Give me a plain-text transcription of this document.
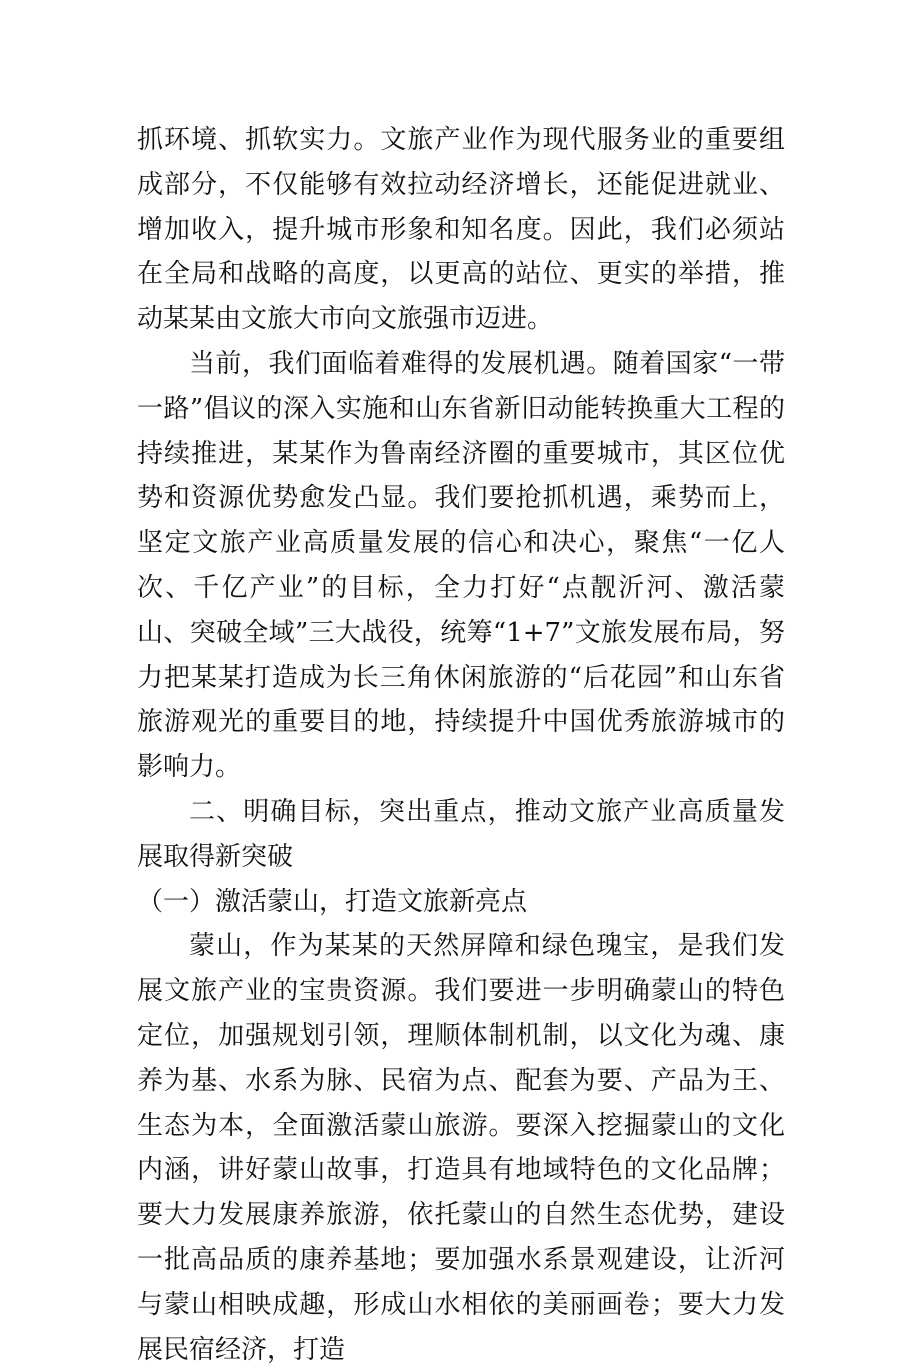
抓环境、抓软实力。文旅产业作为现代服务业的重要组成部分，不仅能够有效拉动经济增长，还能促进就业、增加收入，提升城市形象和知名度。因此，我们必须站在全局和战略的高度，以更高的站位、更实的举措，推动某某由文旅大市向文旅强市迈进。

当前，我们面临着难得的发展机遇。随着国家“一带一路”倡议的深入实施和山东省新旧动能转换重大工程的持续推进，某某作为鲁南经济圈的重要城市，其区位优势和资源优势愈发凸显。我们要抢抓机遇，乘势而上，坚定文旅产业高质量发展的信心和决心，聚焦“一亿人次、千亿产业”的目标，全力打好“点靓沂河、激活蒙山、突破全域”三大战役，统筹“1+7”文旅发展布局，努力把某某打造成为长三角休闲旅游的“后花园”和山东省旅游观光的重要目的地，持续提升中国优秀旅游城市的影响力。

二、明确目标，突出重点，推动文旅产业高质量发展取得新突破

（一）激活蒙山，打造文旅新亮点

蒙山，作为某某的天然屏障和绿色瑰宝，是我们发展文旅产业的宝贵资源。我们要进一步明确蒙山的特色定位，加强规划引领，理顺体制机制，以文化为魂、康养为基、水系为脉、民宿为点、配套为要、产品为王、生态为本，全面激活蒙山旅游。要深入挖掘蒙山的文化内涵，讲好蒙山故事，打造具有地域特色的文化品牌；要大力发展康养旅游，依托蒙山的自然生态优势，建设一批高品质的康养基地；要加强水系景观建设，让沂河与蒙山相映成趣，形成山水相依的美丽画卷；要大力发展民宿经济，打造
